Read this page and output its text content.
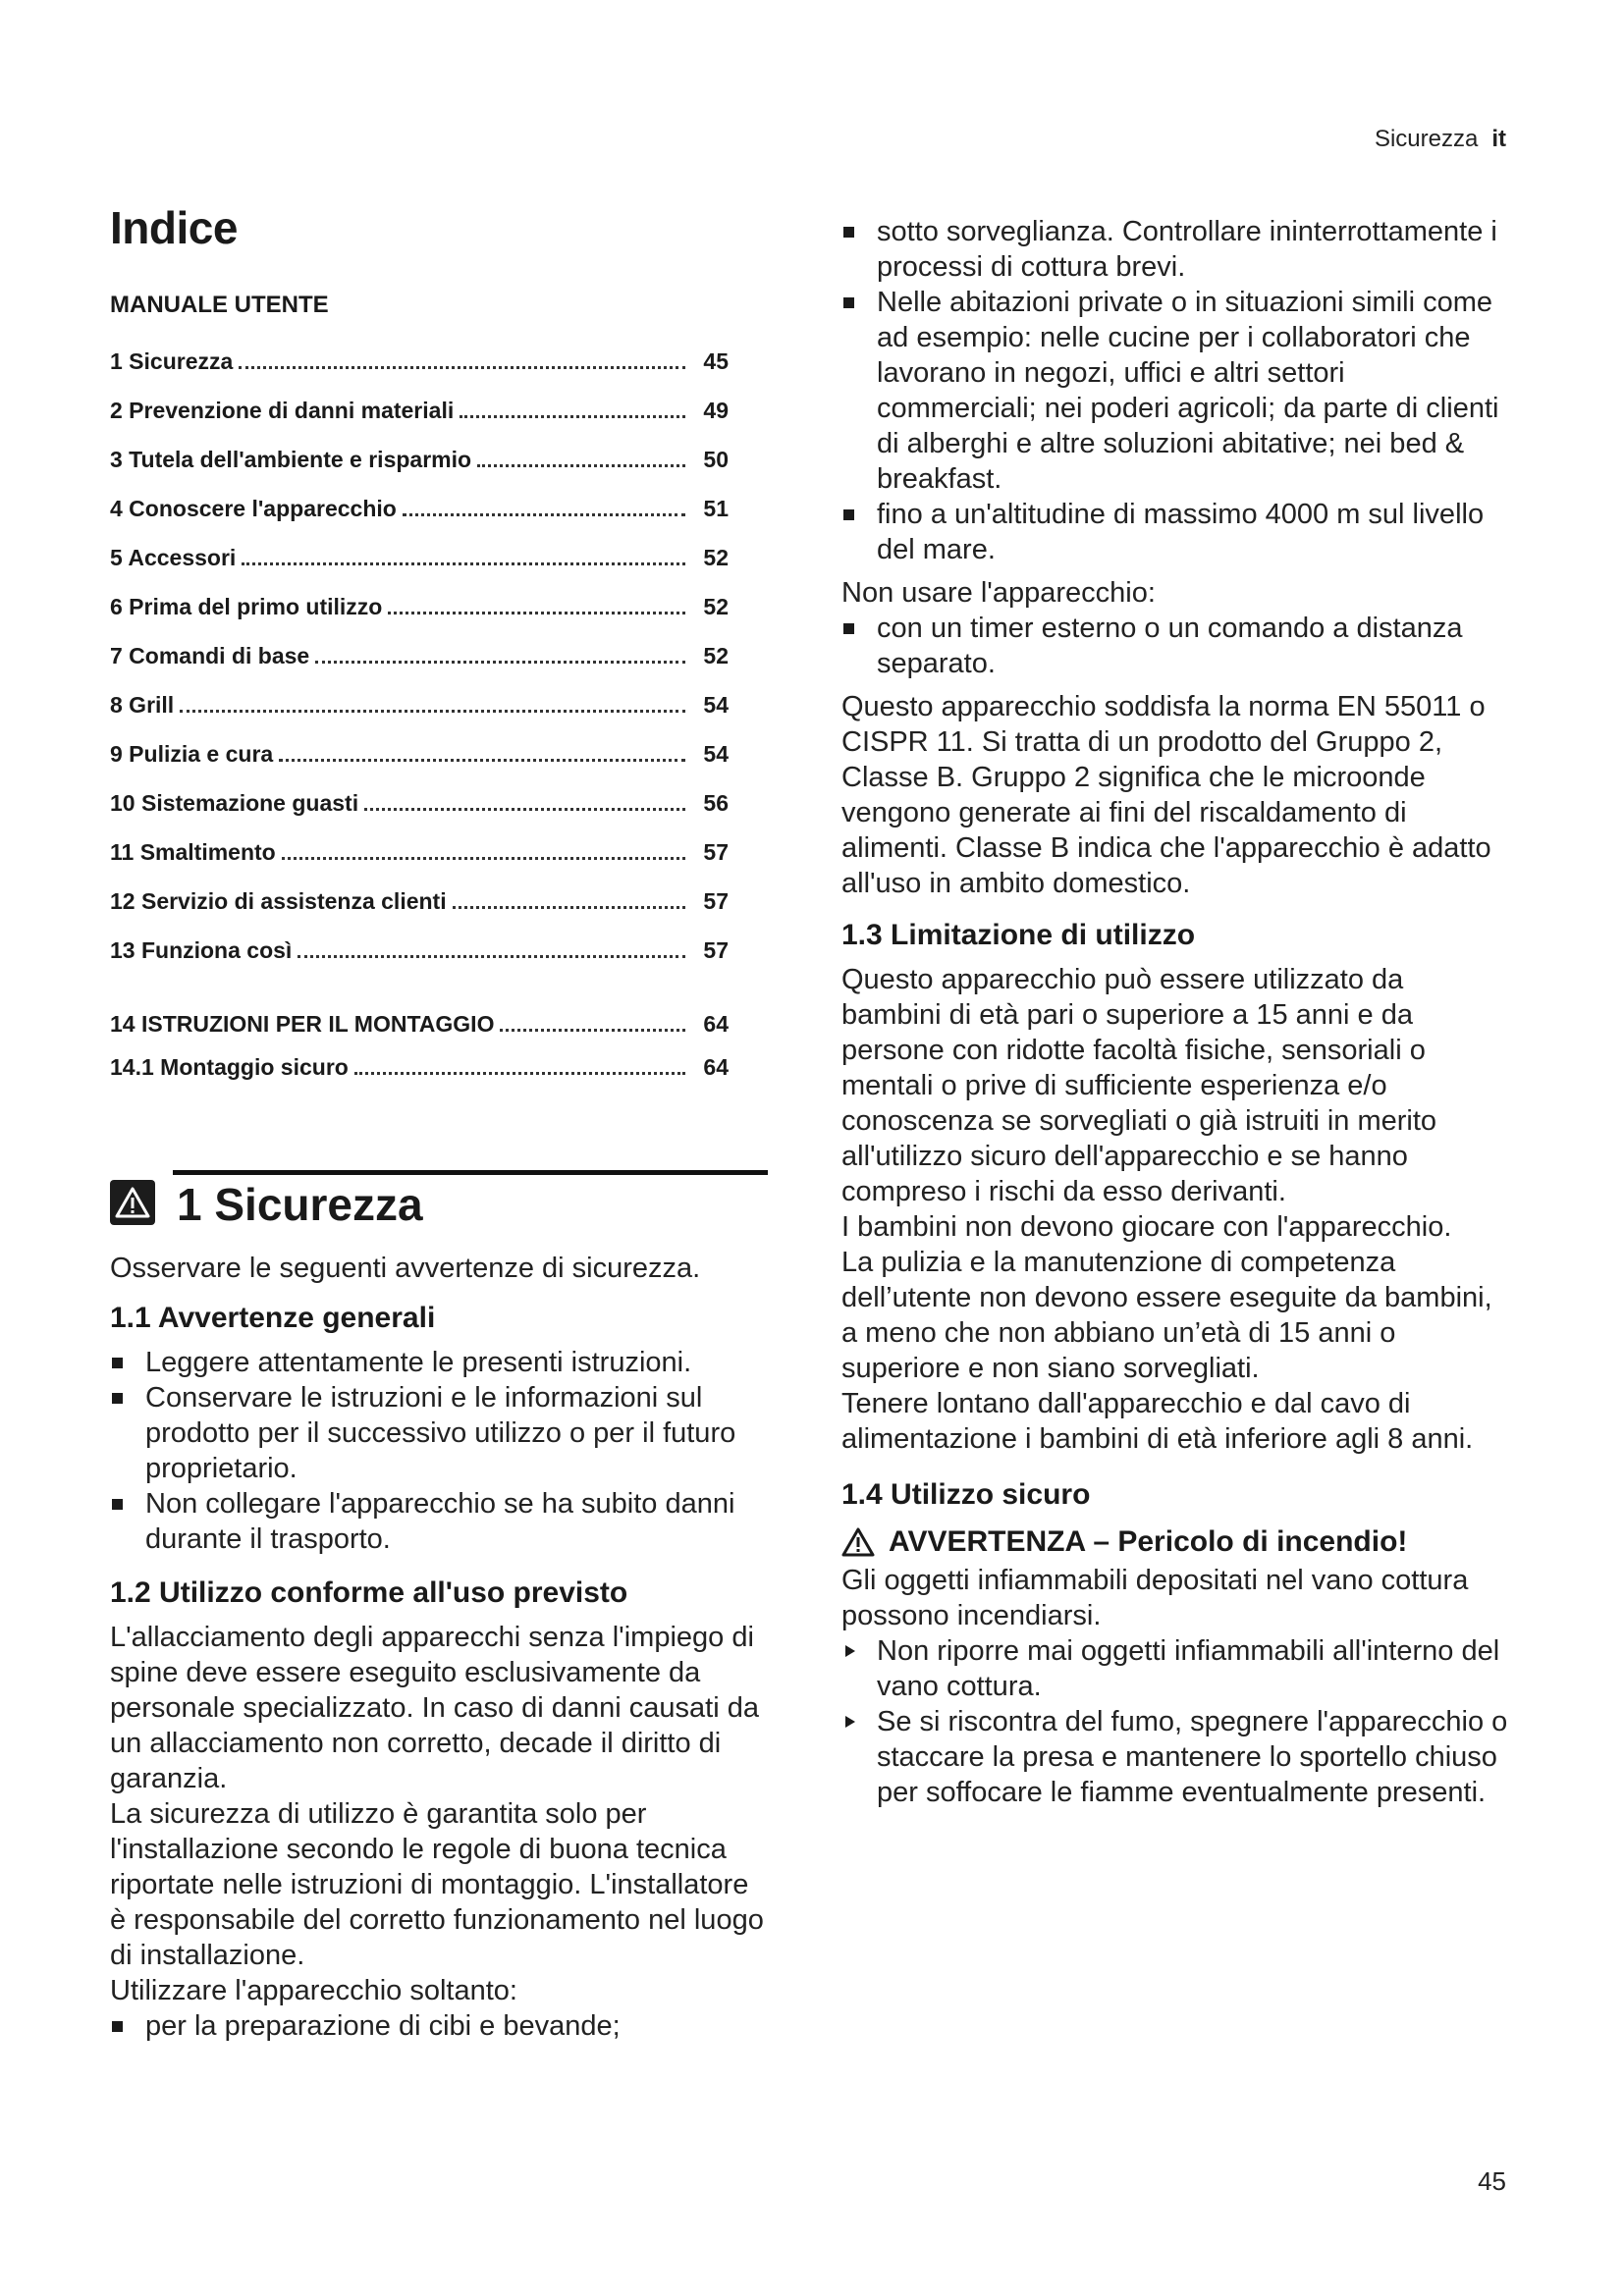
Sicurezza it
Indice
MANUALE UTENTE
1 Sicurezza	45
2 Prevenzione di danni materiali	49
3 Tutela dell'ambiente e risparmio	50
4 Conoscere l'apparecchio	51
5 Accessori	52
6 Prima del primo utilizzo	52
7 Comandi di base	52
8 Grill	54
9 Pulizia e cura	54
10 Sistemazione guasti	56
11 Smaltimento	57
12 Servizio di assistenza clienti	57
13 Funziona così	57
14 ISTRUZIONI PER IL MONTAGGIO	64
14.1 Montaggio sicuro	64
1 Sicurezza

Osservare le seguenti avvertenze di sicurezza.

1.1 Avvertenze generali
Leggere attentamente le presenti istruzioni.
Conservare le istruzioni e le informazioni sul prodotto per il successivo utilizzo o per il futuro proprietario.
Non collegare l'apparecchio se ha subito danni durante il trasporto.
1.2 Utilizzo conforme all'uso previsto

L'allacciamento degli apparecchi senza l'impiego di spine deve essere eseguito esclusivamente da personale specializzato. In caso di danni causati da un allacciamento non corretto, decade il diritto di garanzia.

La sicurezza di utilizzo è garantita solo per l'installazione secondo le regole di buona tecnica riportate nelle istruzioni di montaggio. L'installatore è responsabile del corretto funzionamento nel luogo di installazione.

Utilizzare l'apparecchio soltanto:

per la preparazione di cibi e bevande;
sotto sorveglianza. Controllare ininterrottamente i processi di cottura brevi.
Nelle abitazioni private o in situazioni simili come ad esempio: nelle cucine per i collaboratori che lavorano in negozi, uffici e altri settori commerciali; nei poderi agricoli; da parte di clienti di alberghi e altre soluzioni abitative; nei bed & breakfast.
fino a un'altitudine di massimo 4000 m sul livello del mare.

Non usare l'apparecchio:

con un timer esterno o un comando a distanza separato.

Questo apparecchio soddisfa la norma EN 55011 o CISPR 11. Si tratta di un prodotto del Gruppo 2, Classe B. Gruppo 2 significa che le microonde vengono generate ai fini del riscaldamento di alimenti. Classe B indica che l'apparecchio è adatto all'uso in ambito domestico.

1.3 Limitazione di utilizzo

Questo apparecchio può essere utilizzato da bambini di età pari o superiore a 15 anni e da persone con ridotte facoltà fisiche, sensoriali o mentali o prive di sufficiente esperienza e/o conoscenza se sorvegliati o già istruiti in merito all'utilizzo sicuro dell'apparecchio e se hanno compreso i rischi da esso derivanti.

I bambini non devono giocare con l'apparecchio.

La pulizia e la manutenzione di competenza dell’utente non devono essere eseguite da bambini, a meno che non abbiano un’età di 15 anni o superiore e non siano sorvegliati.

Tenere lontano dall'apparecchio e dal cavo di alimentazione i bambini di età inferiore agli 8 anni.

1.4 Utilizzo sicuro
AVVERTENZA – Pericolo di incendio!

Gli oggetti infiammabili depositati nel vano cottura possono incendiarsi.

Non riporre mai oggetti infiammabili all'interno del vano cottura.
Se si riscontra del fumo, spegnere l'apparecchio o staccare la presa e mantenere lo sportello chiuso per soffocare le fiamme eventualmente presenti.
45
